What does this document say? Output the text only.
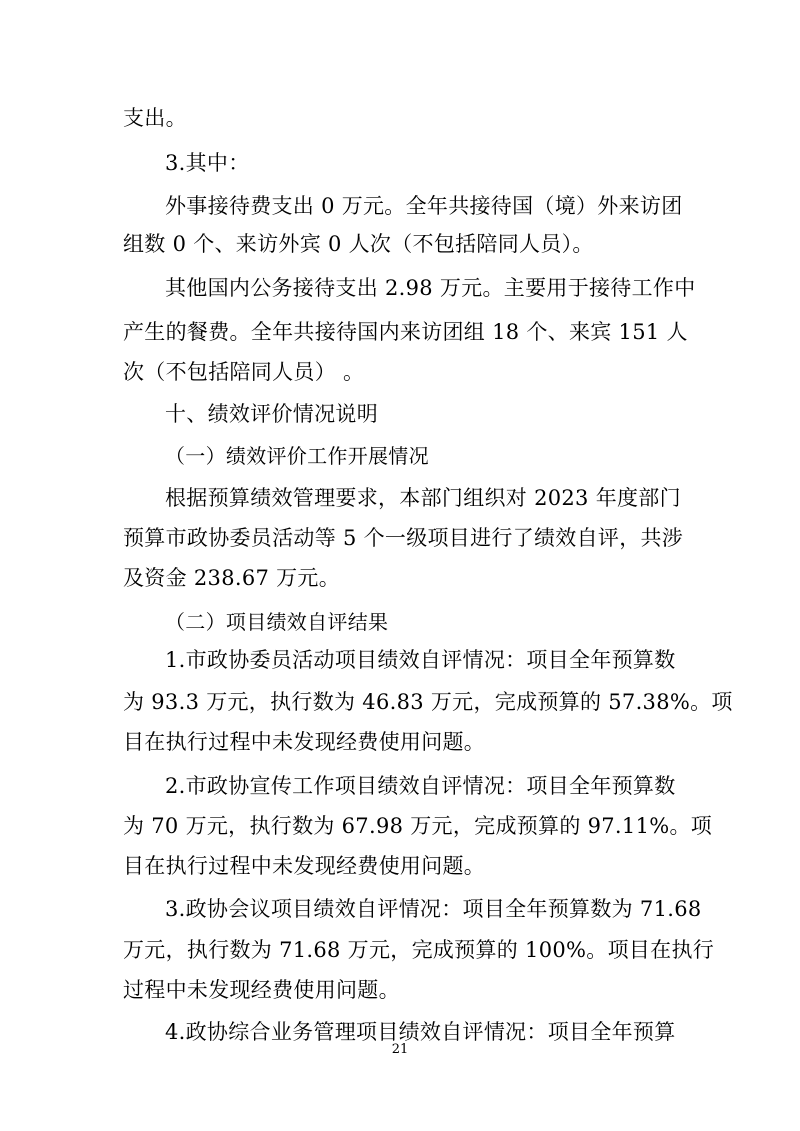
支出。
3.其中：
外事接待费支出 0 万元。全年共接待国（境）外来访团
组数 0 个、来访外宾 0 人次（不包括陪同人员）。
其他国内公务接待支出 2.98 万元。主要用于接待工作中
产生的餐费。全年共接待国内来访团组 18 个、来宾 151 人
次（不包括陪同人员） 。
十、绩效评价情况说明
（一）绩效评价工作开展情况
根据预算绩效管理要求，本部门组织对 2023 年度部门
预算市政协委员活动等 5 个一级项目进行了绩效自评，共涉
及资金 238.67 万元。
（二）项目绩效自评结果
1.市政协委员活动项目绩效自评情况：项目全年预算数
为 93.3 万元，执行数为 46.83 万元，完成预算的 57.38%。项
目在执行过程中未发现经费使用问题。
2.市政协宣传工作项目绩效自评情况：项目全年预算数
为 70 万元，执行数为 67.98 万元，完成预算的 97.11%。项
目在执行过程中未发现经费使用问题。
3.政协会议项目绩效自评情况：项目全年预算数为 71.68
万元，执行数为 71.68 万元，完成预算的 100%。项目在执行
过程中未发现经费使用问题。
4.政协综合业务管理项目绩效自评情况：项目全年预算
21
